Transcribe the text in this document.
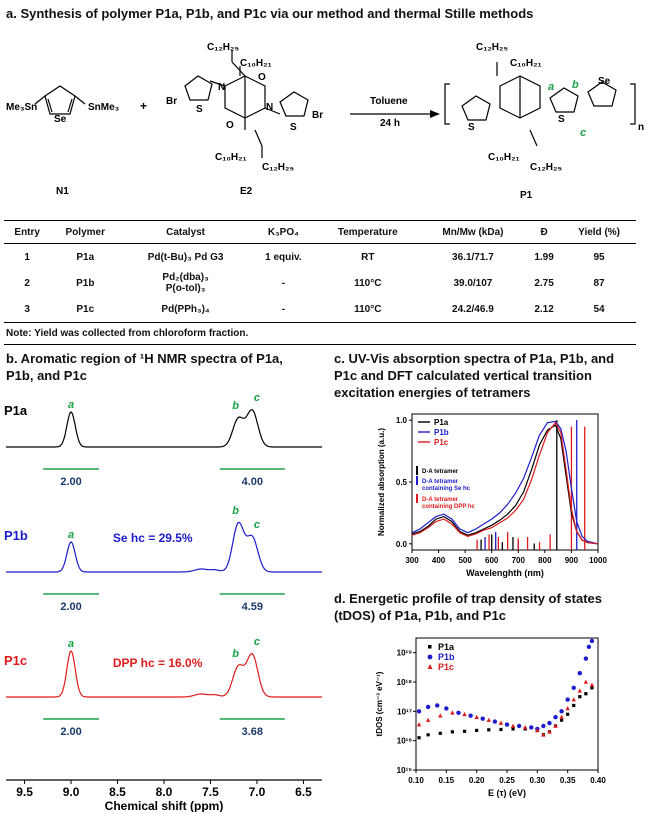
a. Synthesis of polymer P1a, P1b, and P1c via our method and thermal Stille methods
Me₃Sn	SnMe₃
Se
N1
+
C₁₂H₂₅
C₁₀H₂₁
C₁₀H₂₁
C₁₂H₂₅
Br
Br
S
S
N
N
O
O
E2
Toluene
24 h
C₁₂H₂₅
C₁₀H₂₁
C₁₀H₂₁
C₁₂H₂₅
S
S
Se
n
a b
c
P1
Entry	Polymer	Catalyst	K₃PO₄	Temperature	Mn/Mw (kDa)	Đ	Yield (%)
1	P1a	Pd(t-Bu)₃ Pd G3	1 equiv.	RT	36.1/71.7	1.99	95
2	P1b	Pd₂(dba)₃
P(o-tol)₃	-	110°C	39.0/107	2.75	87
3	P1c	Pd(PPh₃)₄	-	110°C	24.2/46.9	2.12	54
Note: Yield was collected from chloroform fraction.
b. Aromatic region of ¹H NMR spectra of P1a, P1b, and P1c
P1a
2.00	4.00
a	b
c
P1b
2.00	4.59
a
b
c
Se hc = 29.5%
P1c
2.00	3.68
a
b
c
DPP hc = 16.0%
9.5 9.0 8.5 8.0 7.5 7.0 6.5
Chemical shift (ppm)
c. UV-Vis absorption spectra of P1a, P1b, and P1c and DFT calculated vertical transition excitation energies of tetramers
300 400 500 600 700 800 900 1000
0.0
0.5
1.0
Wavelenghth (nm)
Normalized absorption (a.u.)
P1a
P1b
P1c
D-A tetramer
D-A tetramer
containing Se hc
D-A tetramer
containing DPP hc
d. Energetic profile of trap density of states (tDOS) of P1a, P1b, and P1c
0.10 0.15 0.20 0.25 0.30 0.35 0.40
10¹⁵
10¹⁶
10¹⁷
10¹⁸
10¹⁹
E (τ) (eV)
tDOS (cm⁻³ eV⁻¹)
P1a
P1b
P1c
